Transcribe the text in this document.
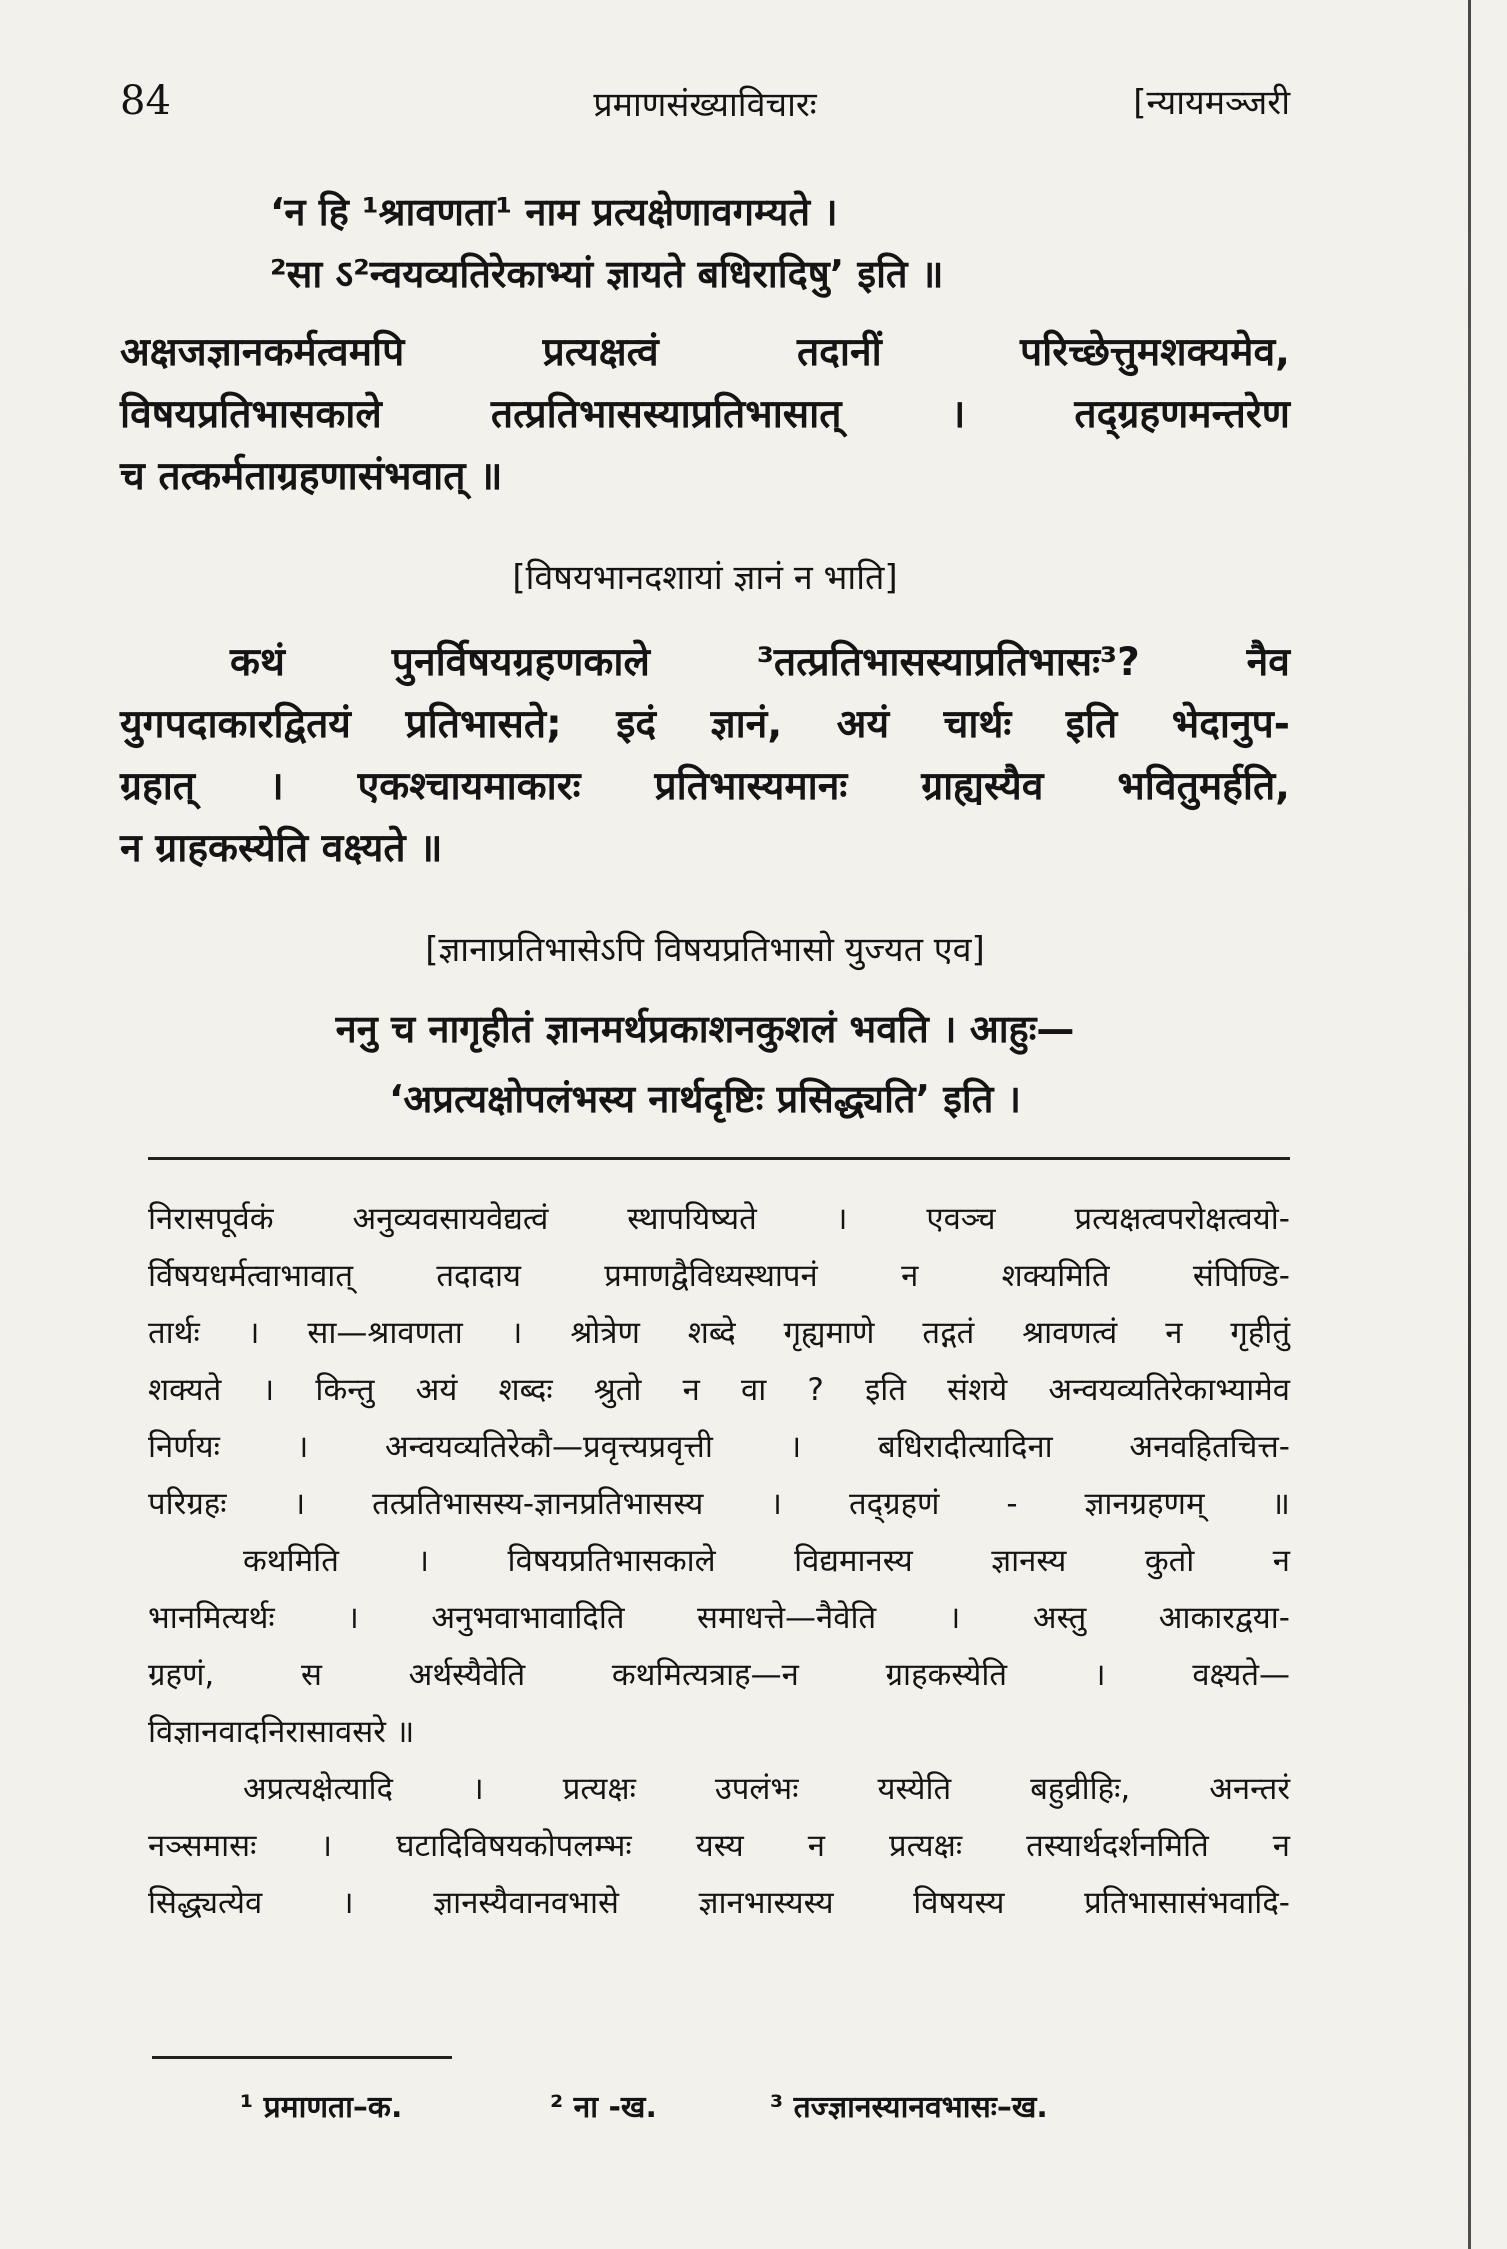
84	प्रमाणसंख्याविचारः	[न्यायमञ्जरी
‘न हि ¹श्रावणता¹ नाम प्रत्यक्षेणावगम्यते ।
²सा ऽ²न्वयव्यतिरेकाभ्यां ज्ञायते बधिरादिषु’ इति ॥
अक्षजज्ञानकर्मत्वमपि प्रत्यक्षत्वं तदानीं परिच्छेत्तुमशक्यमेव,
विषयप्रतिभासकाले तत्प्रतिभासस्याप्रतिभासात् । तद्ग्रहणमन्तरेण
च तत्कर्मताग्रहणासंभवात् ॥
[विषयभानदशायां ज्ञानं न भाति]
कथं पुनर्विषयग्रहणकाले ³तत्प्रतिभासस्याप्रतिभासः³? नैव
युगपदाकारद्वितयं प्रतिभासते; इदं ज्ञानं, अयं चार्थः इति भेदानुप-
ग्रहात् । एकश्चायमाकारः प्रतिभास्यमानः ग्राह्यस्यैव भवितुमर्हति,
न ग्राहकस्येति वक्ष्यते ॥
[ज्ञानाप्रतिभासेऽपि विषयप्रतिभासो युज्यत एव]
ननु च नागृहीतं ज्ञानमर्थप्रकाशनकुशलं भवति । आहुः—
‘अप्रत्यक्षोपलंभस्य नार्थदृष्टिः प्रसिद्ध्यति’ इति ।
निरासपूर्वकं अनुव्यवसायवेद्यत्वं स्थापयिष्यते । एवञ्च प्रत्यक्षत्वपरोक्षत्वयो-
र्विषयधर्मत्वाभावात् तदादाय प्रमाणद्वैविध्यस्थापनं न शक्यमिति संपिण्डि-
तार्थः । सा—श्रावणता । श्रोत्रेण शब्दे गृह्यमाणे तद्गतं श्रावणत्वं न गृहीतुं
शक्यते । किन्तु अयं शब्दः श्रुतो न वा ? इति संशये अन्वयव्यतिरेकाभ्यामेव
निर्णयः । अन्वयव्यतिरेकौ—प्रवृत्त्यप्रवृत्ती । बधिरादीत्यादिना अनवहितचित्त-
परिग्रहः । तत्प्रतिभासस्य-ज्ञानप्रतिभासस्य । तद्ग्रहणं - ज्ञानग्रहणम् ॥
कथमिति । विषयप्रतिभासकाले विद्यमानस्य ज्ञानस्य कुतो न
भानमित्यर्थः । अनुभवाभावादिति समाधत्ते—नैवेति । अस्तु आकारद्वया-
ग्रहणं, स अर्थस्यैवेति कथमित्यत्राह—न ग्राहकस्येति । वक्ष्यते—
विज्ञानवादनिरासावसरे ॥
अप्रत्यक्षेत्यादि । प्रत्यक्षः उपलंभः यस्येति बहुव्रीहिः, अनन्तरं
नञ्समासः । घटादिविषयकोपलम्भः यस्य न प्रत्यक्षः तस्यार्थदर्शनमिति न
सिद्ध्यत्येव । ज्ञानस्यैवानवभासे ज्ञानभास्यस्य विषयस्य प्रतिभासासंभवादि-
¹ प्रमाणता–क.	² ना -ख.	³ तज्ज्ञानस्यानवभासः–ख.
